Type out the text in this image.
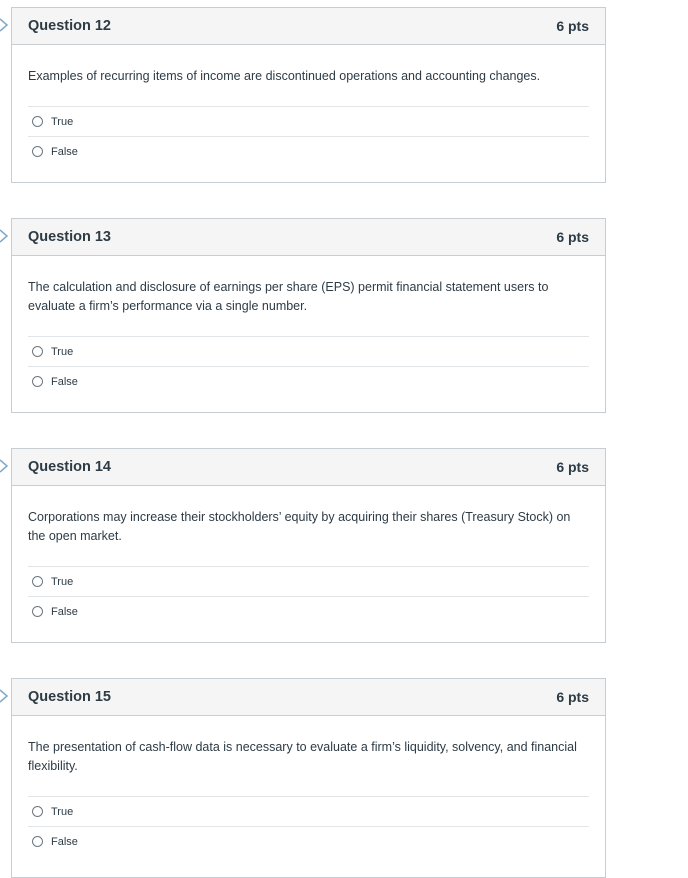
Question 12	6 pts
Examples of recurring items of income are discontinued operations and accounting changes.
True
False
Question 13	6 pts
The calculation and disclosure of earnings per share (EPS) permit financial statement users to evaluate a firm’s performance via a single number.
True
False
Question 14	6 pts
Corporations may increase their stockholders’ equity by acquiring their shares (Treasury Stock) on the open market.
True
False
Question 15	6 pts
The presentation of cash-flow data is necessary to evaluate a firm’s liquidity, solvency, and financial flexibility.
True
False
